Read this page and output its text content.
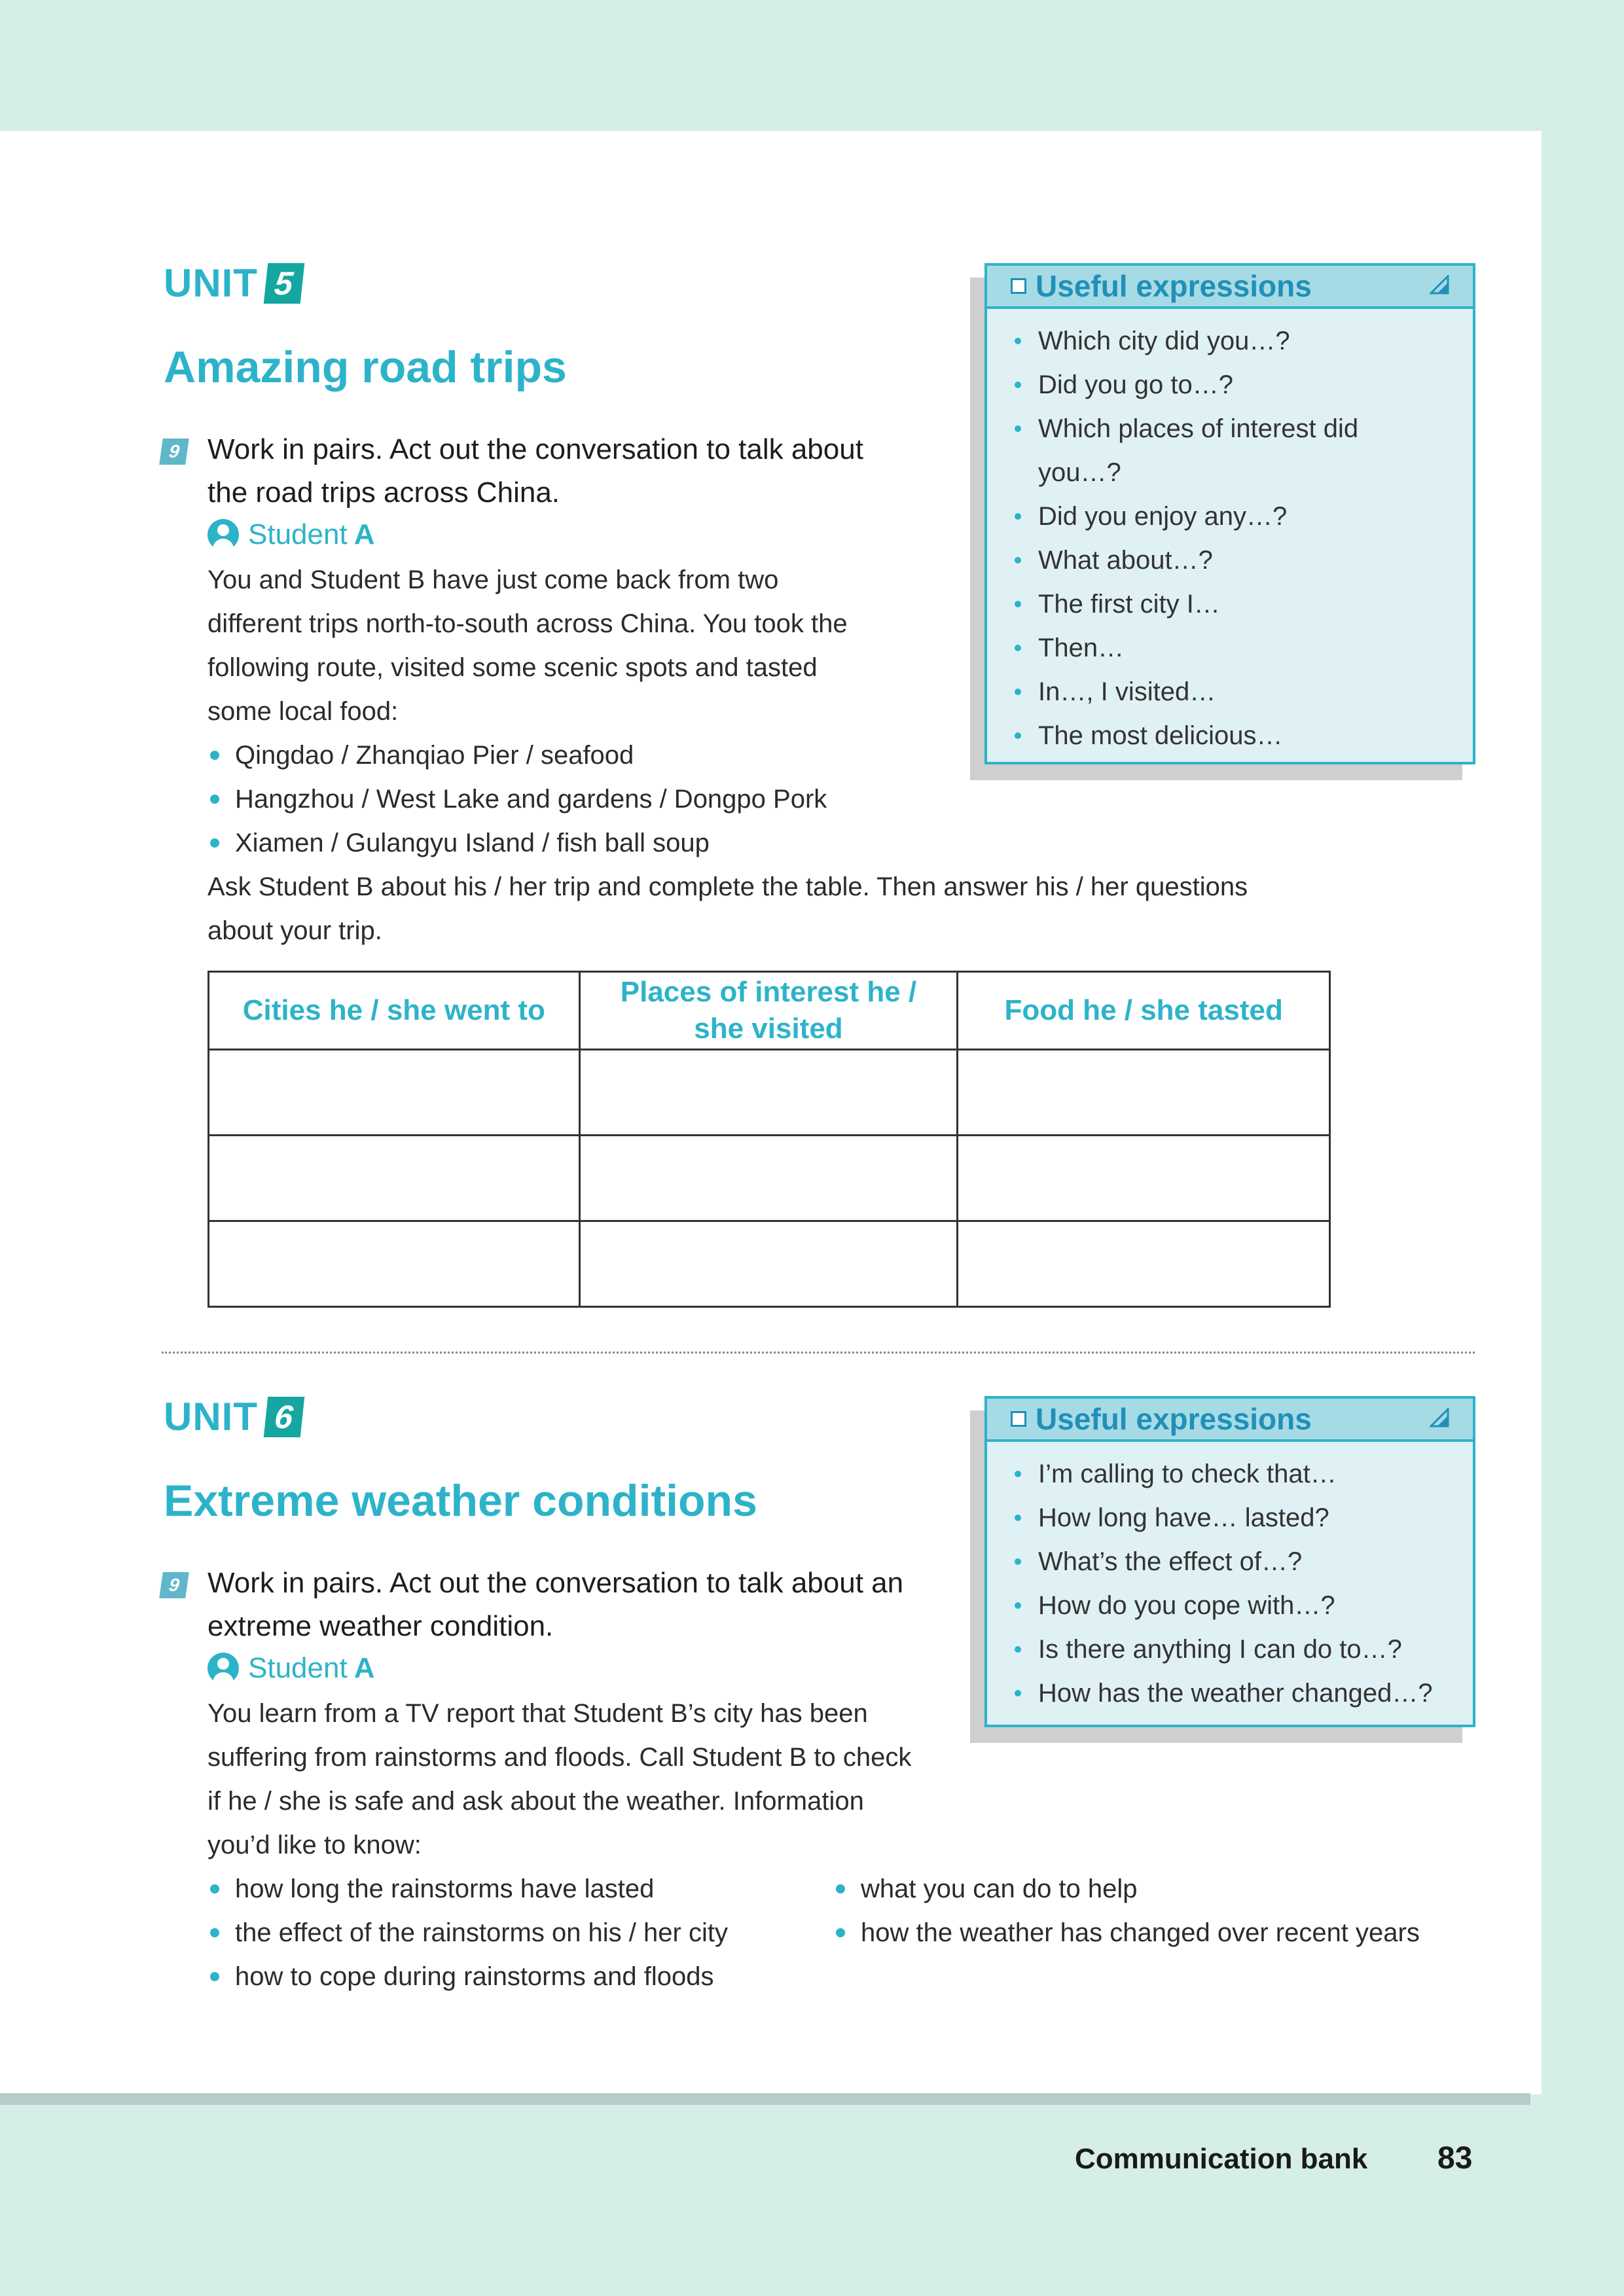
UNIT 5
Amazing road trips
9 Work in pairs. Act out the conversation to talk about
the road trips across China.
Student A
You and Student B have just come back from two
different trips north-to-south across China. You took the
following route, visited some scenic spots and tasted
some local food:
Qingdao / Zhanqiao Pier / seafood
Hangzhou / West Lake and gardens / Dongpo Pork
Xiamen / Gulangyu Island / fish ball soup
Ask Student B about his / her trip and complete the table. Then answer his / her questions
about your trip.
Cities he / she went to	Places of interest he / she visited	Food he / she tasted

Useful expressions
Which city did you…?
Did you go to…?
Which places of interest did
you…?
Did you enjoy any…?
What about…?
The first city I…
Then…
In…, I visited…
The most delicious…
UNIT 6
Extreme weather conditions
9 Work in pairs. Act out the conversation to talk about an
extreme weather condition.
Student A
You learn from a TV report that Student B’s city has been
suffering from rainstorms and floods. Call Student B to check
if he / she is safe and ask about the weather. Information
you’d like to know:
how long the rainstorms have lasted
the effect of the rainstorms on his / her city
how to cope during rainstorms and floods
what you can do to help
how the weather has changed over recent years
Useful expressions
I’m calling to check that…
How long have… lasted?
What’s the effect of…?
How do you cope with…?
Is there anything I can do to…?
How has the weather changed…?
Communication bank 83
